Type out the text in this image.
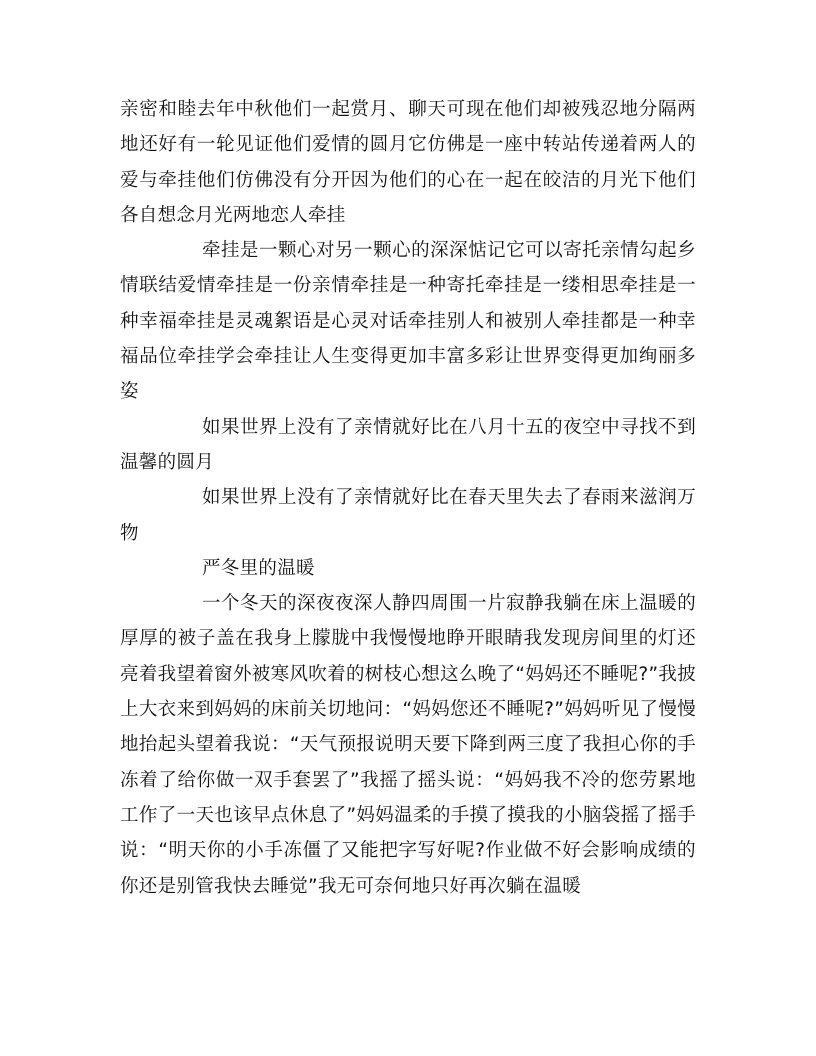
亲密和睦去年中秋他们一起赏月、聊天可现在他们却被残忍地分隔两地还好有一轮见证他们爱情的圆月它仿佛是一座中转站传递着两人的爱与牵挂他们仿佛没有分开因为他们的心在一起在皎洁的月光下他们各自想念月光两地恋人牵挂

牵挂是一颗心对另一颗心的深深惦记它可以寄托亲情勾起乡情联结爱情牵挂是一份亲情牵挂是一种寄托牵挂是一缕相思牵挂是一种幸福牵挂是灵魂絮语是心灵对话牵挂别人和被别人牵挂都是一种幸福品位牵挂学会牵挂让人生变得更加丰富多彩让世界变得更加绚丽多姿

如果世界上没有了亲情就好比在八月十五的夜空中寻找不到温馨的圆月

如果世界上没有了亲情就好比在春天里失去了春雨来滋润万物

严冬里的温暖

一个冬天的深夜夜深人静四周围一片寂静我躺在床上温暖的厚厚的被子盖在我身上朦胧中我慢慢地睁开眼睛我发现房间里的灯还亮着我望着窗外被寒风吹着的树枝心想这么晚了“妈妈还不睡呢?”我披上大衣来到妈妈的床前关切地问：“妈妈您还不睡呢?”妈妈听见了慢慢地抬起头望着我说：“天气预报说明天要下降到两三度了我担心你的手冻着了给你做一双手套罢了”我摇了摇头说：“妈妈我不冷的您劳累地工作了一天也该早点休息了”妈妈温柔的手摸了摸我的小脑袋摇了摇手说：“明天你的小手冻僵了又能把字写好呢?作业做不好会影响成绩的你还是别管我快去睡觉”我无可奈何地只好再次躺在温暖
